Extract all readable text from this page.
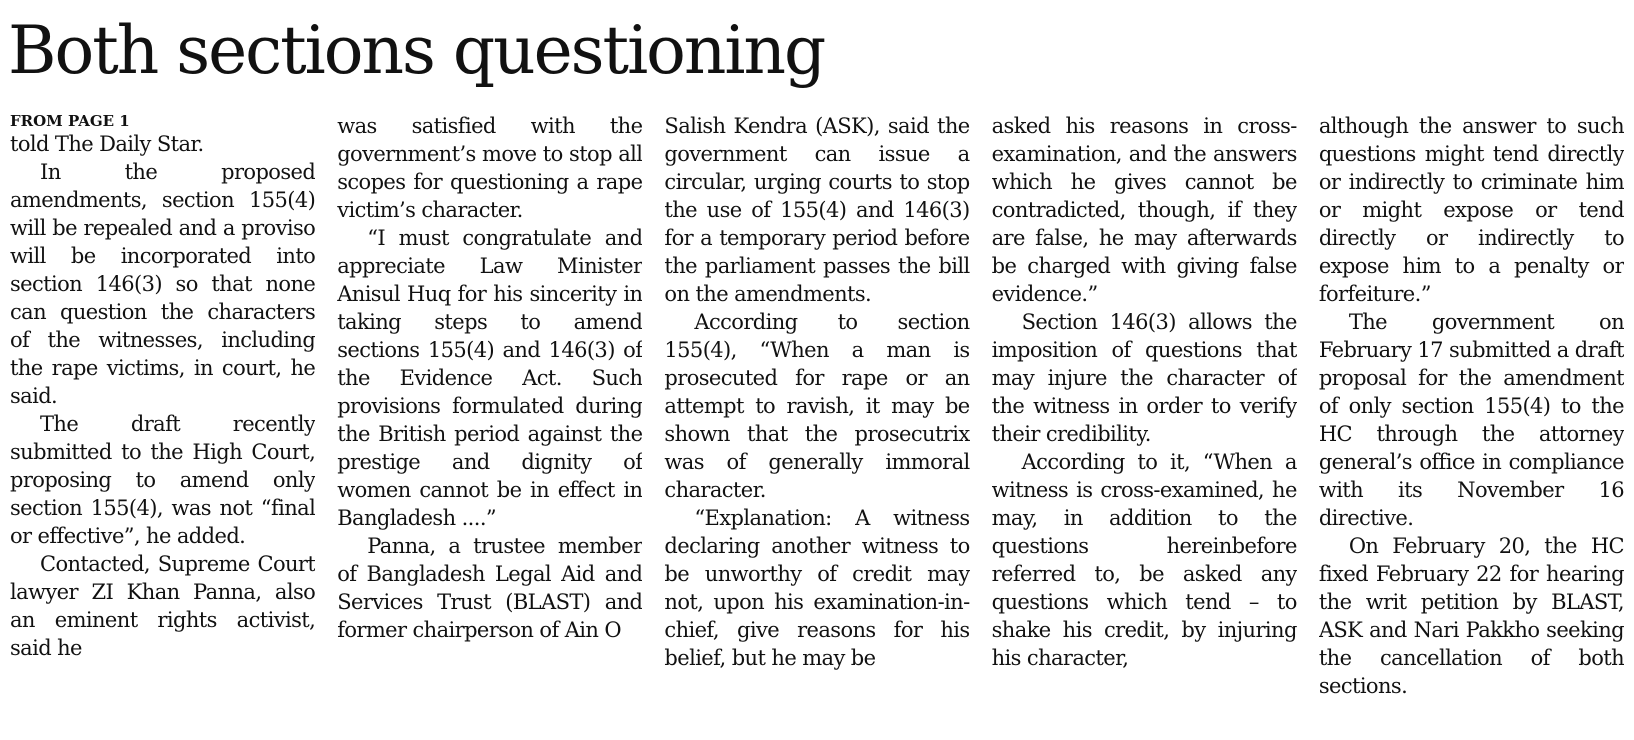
Both sections questioning
FROM PAGE 1

told The Daily Star.

In the proposed amendments, section 155(4) will be repealed and a proviso will be incorporated into section 146(3) so that none can question the characters of the witnesses, including the rape victims, in court, he said.

The draft recently submitted to the High Court, proposing to amend only section 155(4), was not “final or effective”, he added.

Contacted, Supreme Court lawyer ZI Khan Panna, also an eminent rights activist, said he

was satisfied with the government’s move to stop all scopes for questioning a rape victim’s character.

“I must congratulate and appreciate Law Minister Anisul Huq for his sincerity in taking steps to amend sections 155(4) and 146(3) of the Evidence Act. Such provisions formulated during the British period against the prestige and dignity of women cannot be in effect in Bangladesh ....”

Panna, a trustee member of Bangladesh Legal Aid and Services Trust (BLAST) and former chairperson of Ain O

Salish Kendra (ASK), said the government can issue a circular, urging courts to stop the use of 155(4) and 146(3) for a temporary period before the parliament passes the bill on the amendments.

According to section 155(4), “When a man is prosecuted for rape or an attempt to ravish, it may be shown that the prosecutrix was of generally immoral character.

“Explanation: A witness declaring another witness to be unworthy of credit may not, upon his examination-in-chief, give reasons for his belief, but he may be

asked his reasons in cross-examination, and the answers which he gives cannot be contradicted, though, if they are false, he may afterwards be charged with giving false evidence.”

Section 146(3) allows the imposition of questions that may injure the character of the witness in order to verify their credibility.

According to it, “When a witness is cross-examined, he may, in addition to the questions hereinbefore referred to, be asked any questions which tend – to shake his credit, by injuring his character,

although the answer to such questions might tend directly or indirectly to criminate him or might expose or tend directly or indirectly to expose him to a penalty or forfeiture.”

The government on February 17 submitted a draft proposal for the amendment of only section 155(4) to the HC through the attorney general’s office in compliance with its November 16 directive.

On February 20, the HC fixed February 22 for hearing the writ petition by BLAST, ASK and Nari Pakkho seeking the cancellation of both sections.
